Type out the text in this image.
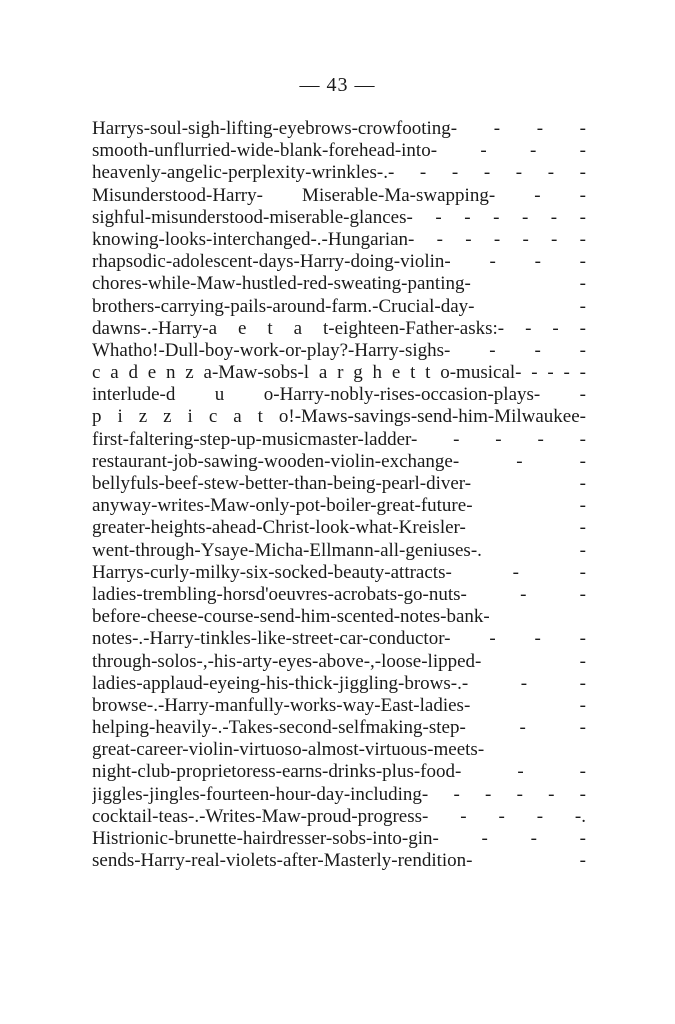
— 43 —
Harrys-soul-sigh-lifting-eyebrows-crowfooting- - - -
smooth-unflurried-wide-blank-forehead-into- - - -
heavenly-angelic-perplexity-wrinkles-.- - - - - - -
Misunderstood-Harry- Miserable-Ma-swapping- - -
sighful-misunderstood-miserable-glances- - - - - - -
knowing-looks-interchanged-.-Hungarian- - - - - - -
rhapsodic-adolescent-days-Harry-doing-violin- - - -
chores-while-Maw-hustled-red-sweating-panting- -
brothers-carrying-pails-around-farm.-Crucial-day- -
dawns-.-Harry-a e t a t-eighteen-Father-asks:- - - -
Whatho!-Dull-boy-work-or-play?-Harry-sighs- - - -
c a d e n z a-Maw-sobs-l a r g h e t t o-musical- - - - -
interlude-d u o-Harry-nobly-rises-occasion-plays- -
p i z z i c a t o!-Maws-savings-send-him-Milwaukee-
first-faltering-step-up-musicmaster-ladder- - - - -
restaurant-job-sawing-wooden-violin-exchange- - -
bellyfuls-beef-stew-better-than-being-pearl-diver- -
anyway-writes-Maw-only-pot-boiler-great-future- -
greater-heights-ahead-Christ-look-what-Kreisler- -
went-through-Ysaye-Micha-Ellmann-all-geniuses-. -
Harrys-curly-milky-six-socked-beauty-attracts- - -
ladies-trembling-horsd'oeuvres-acrobats-go-nuts- - -
before-cheese-course-send-him-scented-notes-bank-
notes-.-Harry-tinkles-like-street-car-conductor- - - -
through-solos-,-his-arty-eyes-above-,-loose-lipped- -
ladies-applaud-eyeing-his-thick-jiggling-brows-.- - -
browse-.-Harry-manfully-works-way-East-ladies- -
helping-heavily-.-Takes-second-selfmaking-step- - -
great-career-violin-virtuoso-almost-virtuous-meets-
night-club-proprietoress-earns-drinks-plus-food- - -
jiggles-jingles-fourteen-hour-day-including- - - - - -
cocktail-teas-.-Writes-Maw-proud-progress- - - - -.
Histrionic-brunette-hairdresser-sobs-into-gin- - - -
sends-Harry-real-violets-after-Masterly-rendition- -
